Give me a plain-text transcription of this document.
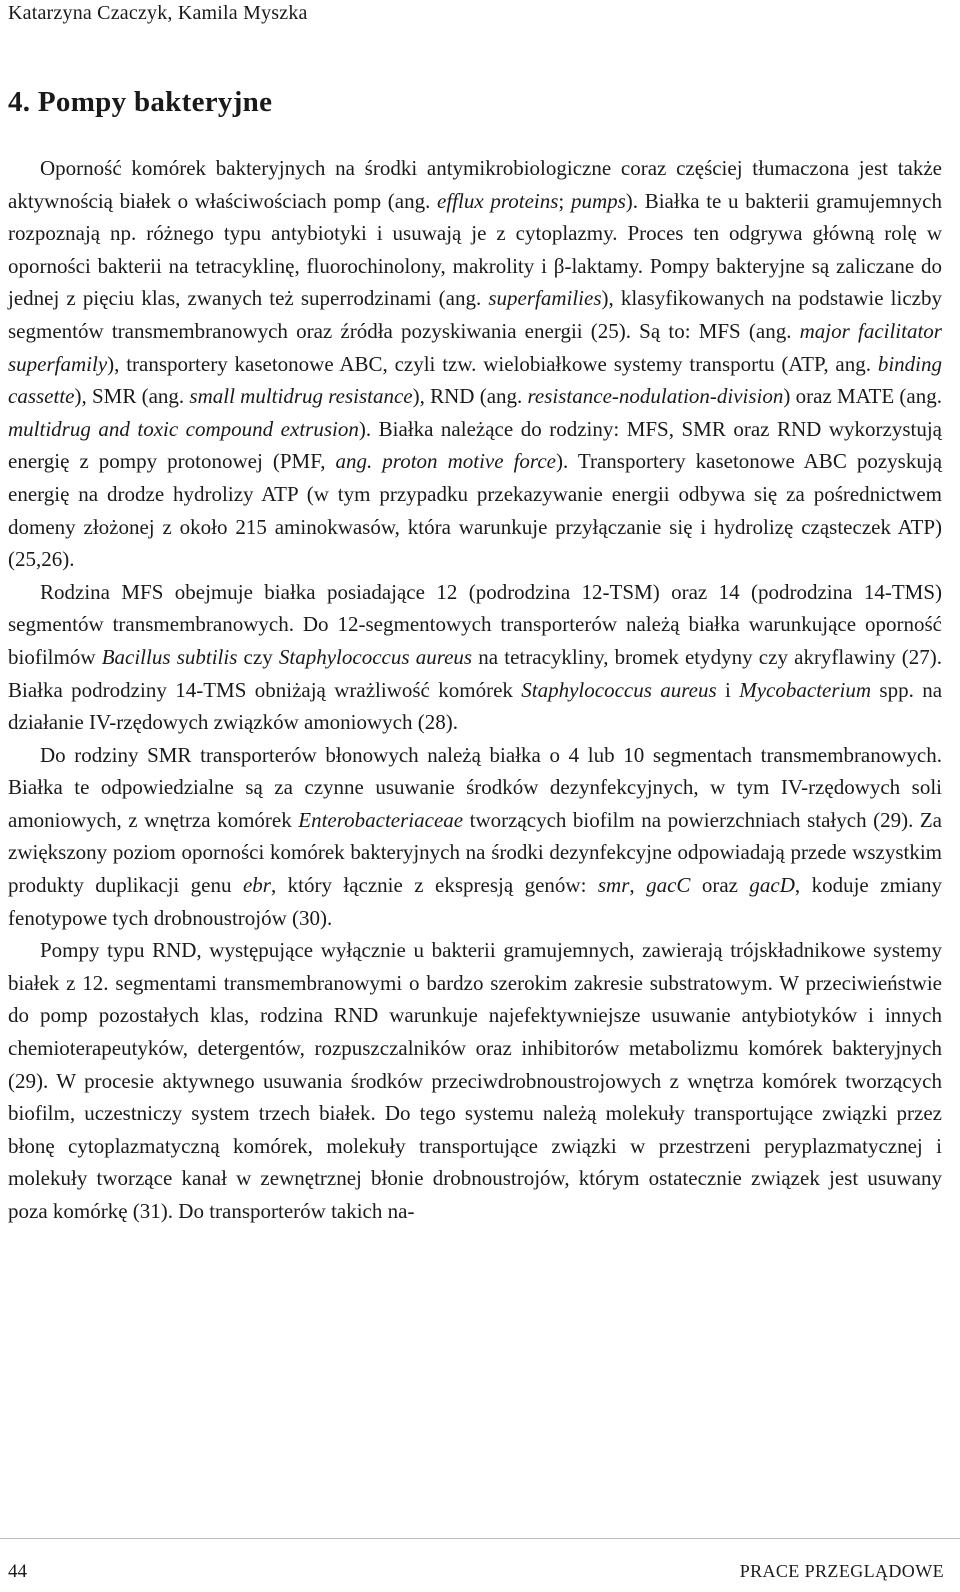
Katarzyna Czaczyk, Kamila Myszka
4. Pompy bakteryjne

Oporność komórek bakteryjnych na środki antymikrobiologiczne coraz częściej tłumaczona jest także aktywnością białek o właściwościach pomp (ang. efflux proteins; pumps). Białka te u bakterii gramujemnych rozpoznają np. różnego typu antybiotyki i usuwają je z cytoplazmy. Proces ten odgrywa główną rolę w oporności bakterii na tetracyklinę, fluorochinolony, makrolity i β-laktamy. Pompy bakteryjne są zaliczane do jednej z pięciu klas, zwanych też superrodzinami (ang. superfamilies), klasyfikowanych na podstawie liczby segmentów transmembranowych oraz źródła pozyskiwania energii (25). Są to: MFS (ang. major facilitator superfamily), transportery kasetonowe ABC, czyli tzw. wielobiałkowe systemy transportu (ATP, ang. binding cassette), SMR (ang. small multidrug resistance), RND (ang. resistance-nodulation-division) oraz MATE (ang. multidrug and toxic compound extrusion). Białka należące do rodziny: MFS, SMR oraz RND wykorzystują energię z pompy protonowej (PMF, ang. proton motive force). Transportery kasetonowe ABC pozyskują energię na drodze hydrolizy ATP (w tym przypadku przekazywanie energii odbywa się za pośrednictwem domeny złożonej z około 215 aminokwasów, która warunkuje przyłączanie się i hydrolizę cząsteczek ATP) (25,26).

Rodzina MFS obejmuje białka posiadające 12 (podrodzina 12-TSM) oraz 14 (podrodzina 14-TMS) segmentów transmembranowych. Do 12-segmentowych transporterów należą białka warunkujące oporność biofilmów Bacillus subtilis czy Staphylococcus aureus na tetracykliny, bromek etydyny czy akryflawiny (27). Białka podrodziny 14-TMS obniżają wrażliwość komórek Staphylococcus aureus i Mycobacterium spp. na działanie IV-rzędowych związków amoniowych (28).

Do rodziny SMR transporterów błonowych należą białka o 4 lub 10 segmentach transmembranowych. Białka te odpowiedzialne są za czynne usuwanie środków dezynfekcyjnych, w tym IV-rzędowych soli amoniowych, z wnętrza komórek Enterobacteriaceae tworzących biofilm na powierzchniach stałych (29). Za zwiększony poziom oporności komórek bakteryjnych na środki dezynfekcyjne odpowiadają przede wszystkim produkty duplikacji genu ebr, który łącznie z ekspresją genów: smr, gacC oraz gacD, koduje zmiany fenotypowe tych drobnoustrojów (30).

Pompy typu RND, występujące wyłącznie u bakterii gramujemnych, zawierają trójskładnikowe systemy białek z 12. segmentami transmembranowymi o bardzo szerokim zakresie substratowym. W przeciwieństwie do pomp pozostałych klas, rodzina RND warunkuje najefektywniejsze usuwanie antybiotyków i innych chemioterapeutyków, detergentów, rozpuszczalników oraz inhibitorów metabolizmu komórek bakteryjnych (29). W procesie aktywnego usuwania środków przeciwdrobnoustrojowych z wnętrza komórek tworzących biofilm, uczestniczy system trzech białek. Do tego systemu należą molekuły transportujące związki przez błonę cytoplazmatyczną komórek, molekuły transportujące związki w przestrzeni peryplazmatycznej i molekuły tworzące kanał w zewnętrznej błonie drobnoustrojów, którym ostatecznie związek jest usuwany poza komórkę (31). Do transporterów takich na-

44	PRACE PRZEGLĄDOWE
